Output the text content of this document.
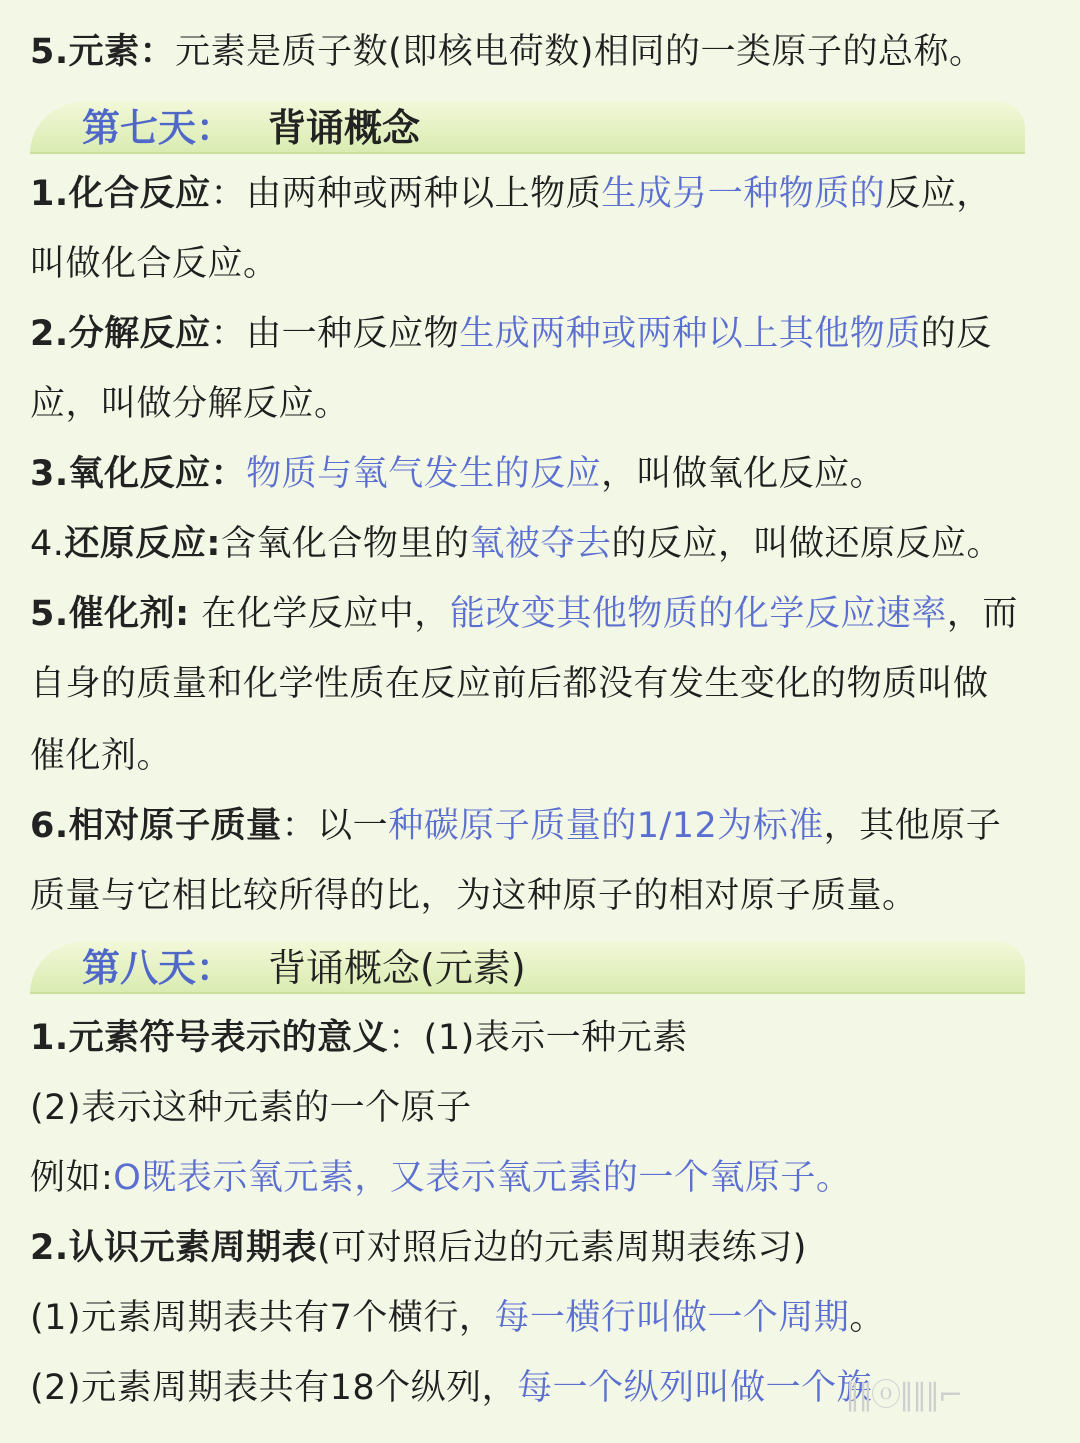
5.元素：元素是质子数(即核电荷数)相同的一类原子的总称。
第七天： 背诵概念
1.化合反应：由两种或两种以上物质生成另一种物质的反应，
叫做化合反应。
2.分解反应：由一种反应物生成两种或两种以上其他物质的反
应，叫做分解反应。
3.氧化反应：物质与氧气发生的反应，叫做氧化反应。
4.还原反应:含氧化合物里的氧被夺去的反应，叫做还原反应。
5.催化剂: 在化学反应中，能改变其他物质的化学反应速率，而
自身的质量和化学性质在反应前后都没有发生变化的物质叫做
催化剂。
6.相对原子质量：以一种碳原子质量的1/12为标准，其他原子
质量与它相比较所得的比，为这种原子的相对原子质量。
第八天： 背诵概念(元素)
1.元素符号表示的意义：(1)表示一种元素
(2)表示这种元素的一个原子
例如:O既表示氧元素，又表示氧元素的一个氧原子。
2.认识元素周期表(可对照后边的元素周期表练习)
(1)元素周期表共有7个横行，每一横行叫做一个周期。
(2)元素周期表共有18个纵列，每一个纵列叫做一个族
∥∥ⓞ∥∥∥⌐
